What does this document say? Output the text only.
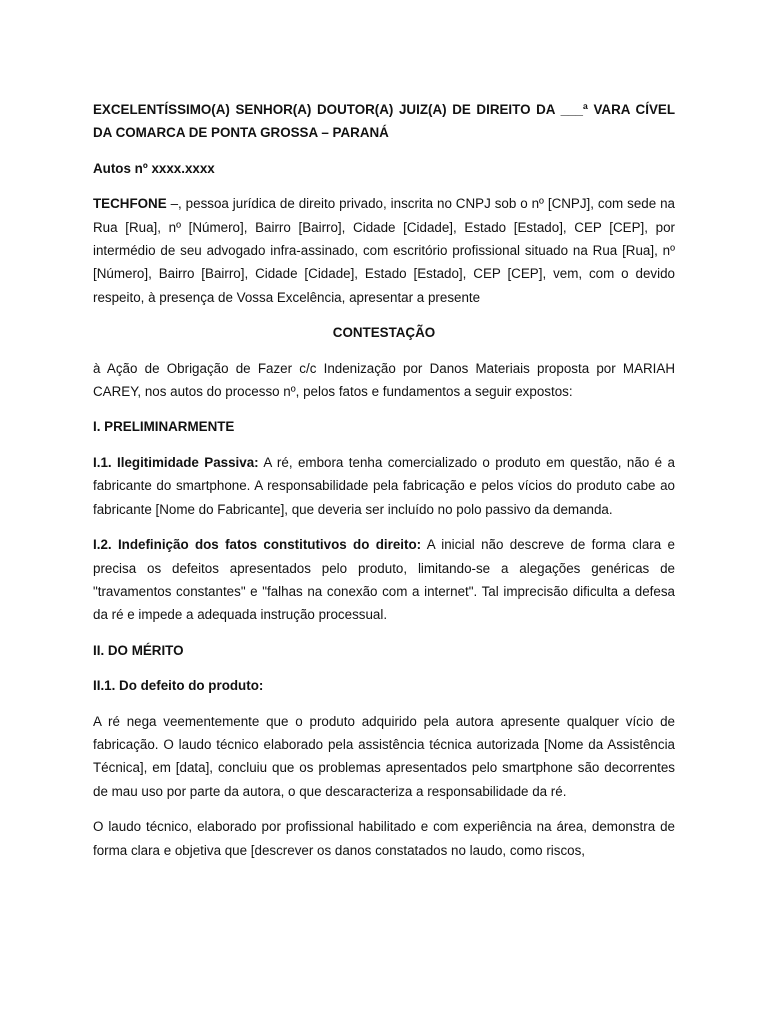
EXCELENTÍSSIMO(A) SENHOR(A) DOUTOR(A) JUIZ(A) DE DIREITO DA ___ª VARA CÍVEL DA COMARCA DE PONTA GROSSA – PARANÁ

Autos nº xxxx.xxxx

TECHFONE –, pessoa jurídica de direito privado, inscrita no CNPJ sob o nº [CNPJ], com sede na Rua [Rua], nº [Número], Bairro [Bairro], Cidade [Cidade], Estado [Estado], CEP [CEP], por intermédio de seu advogado infra-assinado, com escritório profissional situado na Rua [Rua], nº [Número], Bairro [Bairro], Cidade [Cidade], Estado [Estado], CEP [CEP], vem, com o devido respeito, à presença de Vossa Excelência, apresentar a presente

CONTESTAÇÃO

à Ação de Obrigação de Fazer c/c Indenização por Danos Materiais proposta por MARIAH CAREY, nos autos do processo nº, pelos fatos e fundamentos a seguir expostos:

I. PRELIMINARMENTE

I.1. Ilegitimidade Passiva: A ré, embora tenha comercializado o produto em questão, não é a fabricante do smartphone. A responsabilidade pela fabricação e pelos vícios do produto cabe ao fabricante [Nome do Fabricante], que deveria ser incluído no polo passivo da demanda.

I.2. Indefinição dos fatos constitutivos do direito: A inicial não descreve de forma clara e precisa os defeitos apresentados pelo produto, limitando-se a alegações genéricas de "travamentos constantes" e "falhas na conexão com a internet". Tal imprecisão dificulta a defesa da ré e impede a adequada instrução processual.

II. DO MÉRITO

II.1. Do defeito do produto:

A ré nega veementemente que o produto adquirido pela autora apresente qualquer vício de fabricação. O laudo técnico elaborado pela assistência técnica autorizada [Nome da Assistência Técnica], em [data], concluiu que os problemas apresentados pelo smartphone são decorrentes de mau uso por parte da autora, o que descaracteriza a responsabilidade da ré.

O laudo técnico, elaborado por profissional habilitado e com experiência na área, demonstra de forma clara e objetiva que [descrever os danos constatados no laudo, como riscos,
